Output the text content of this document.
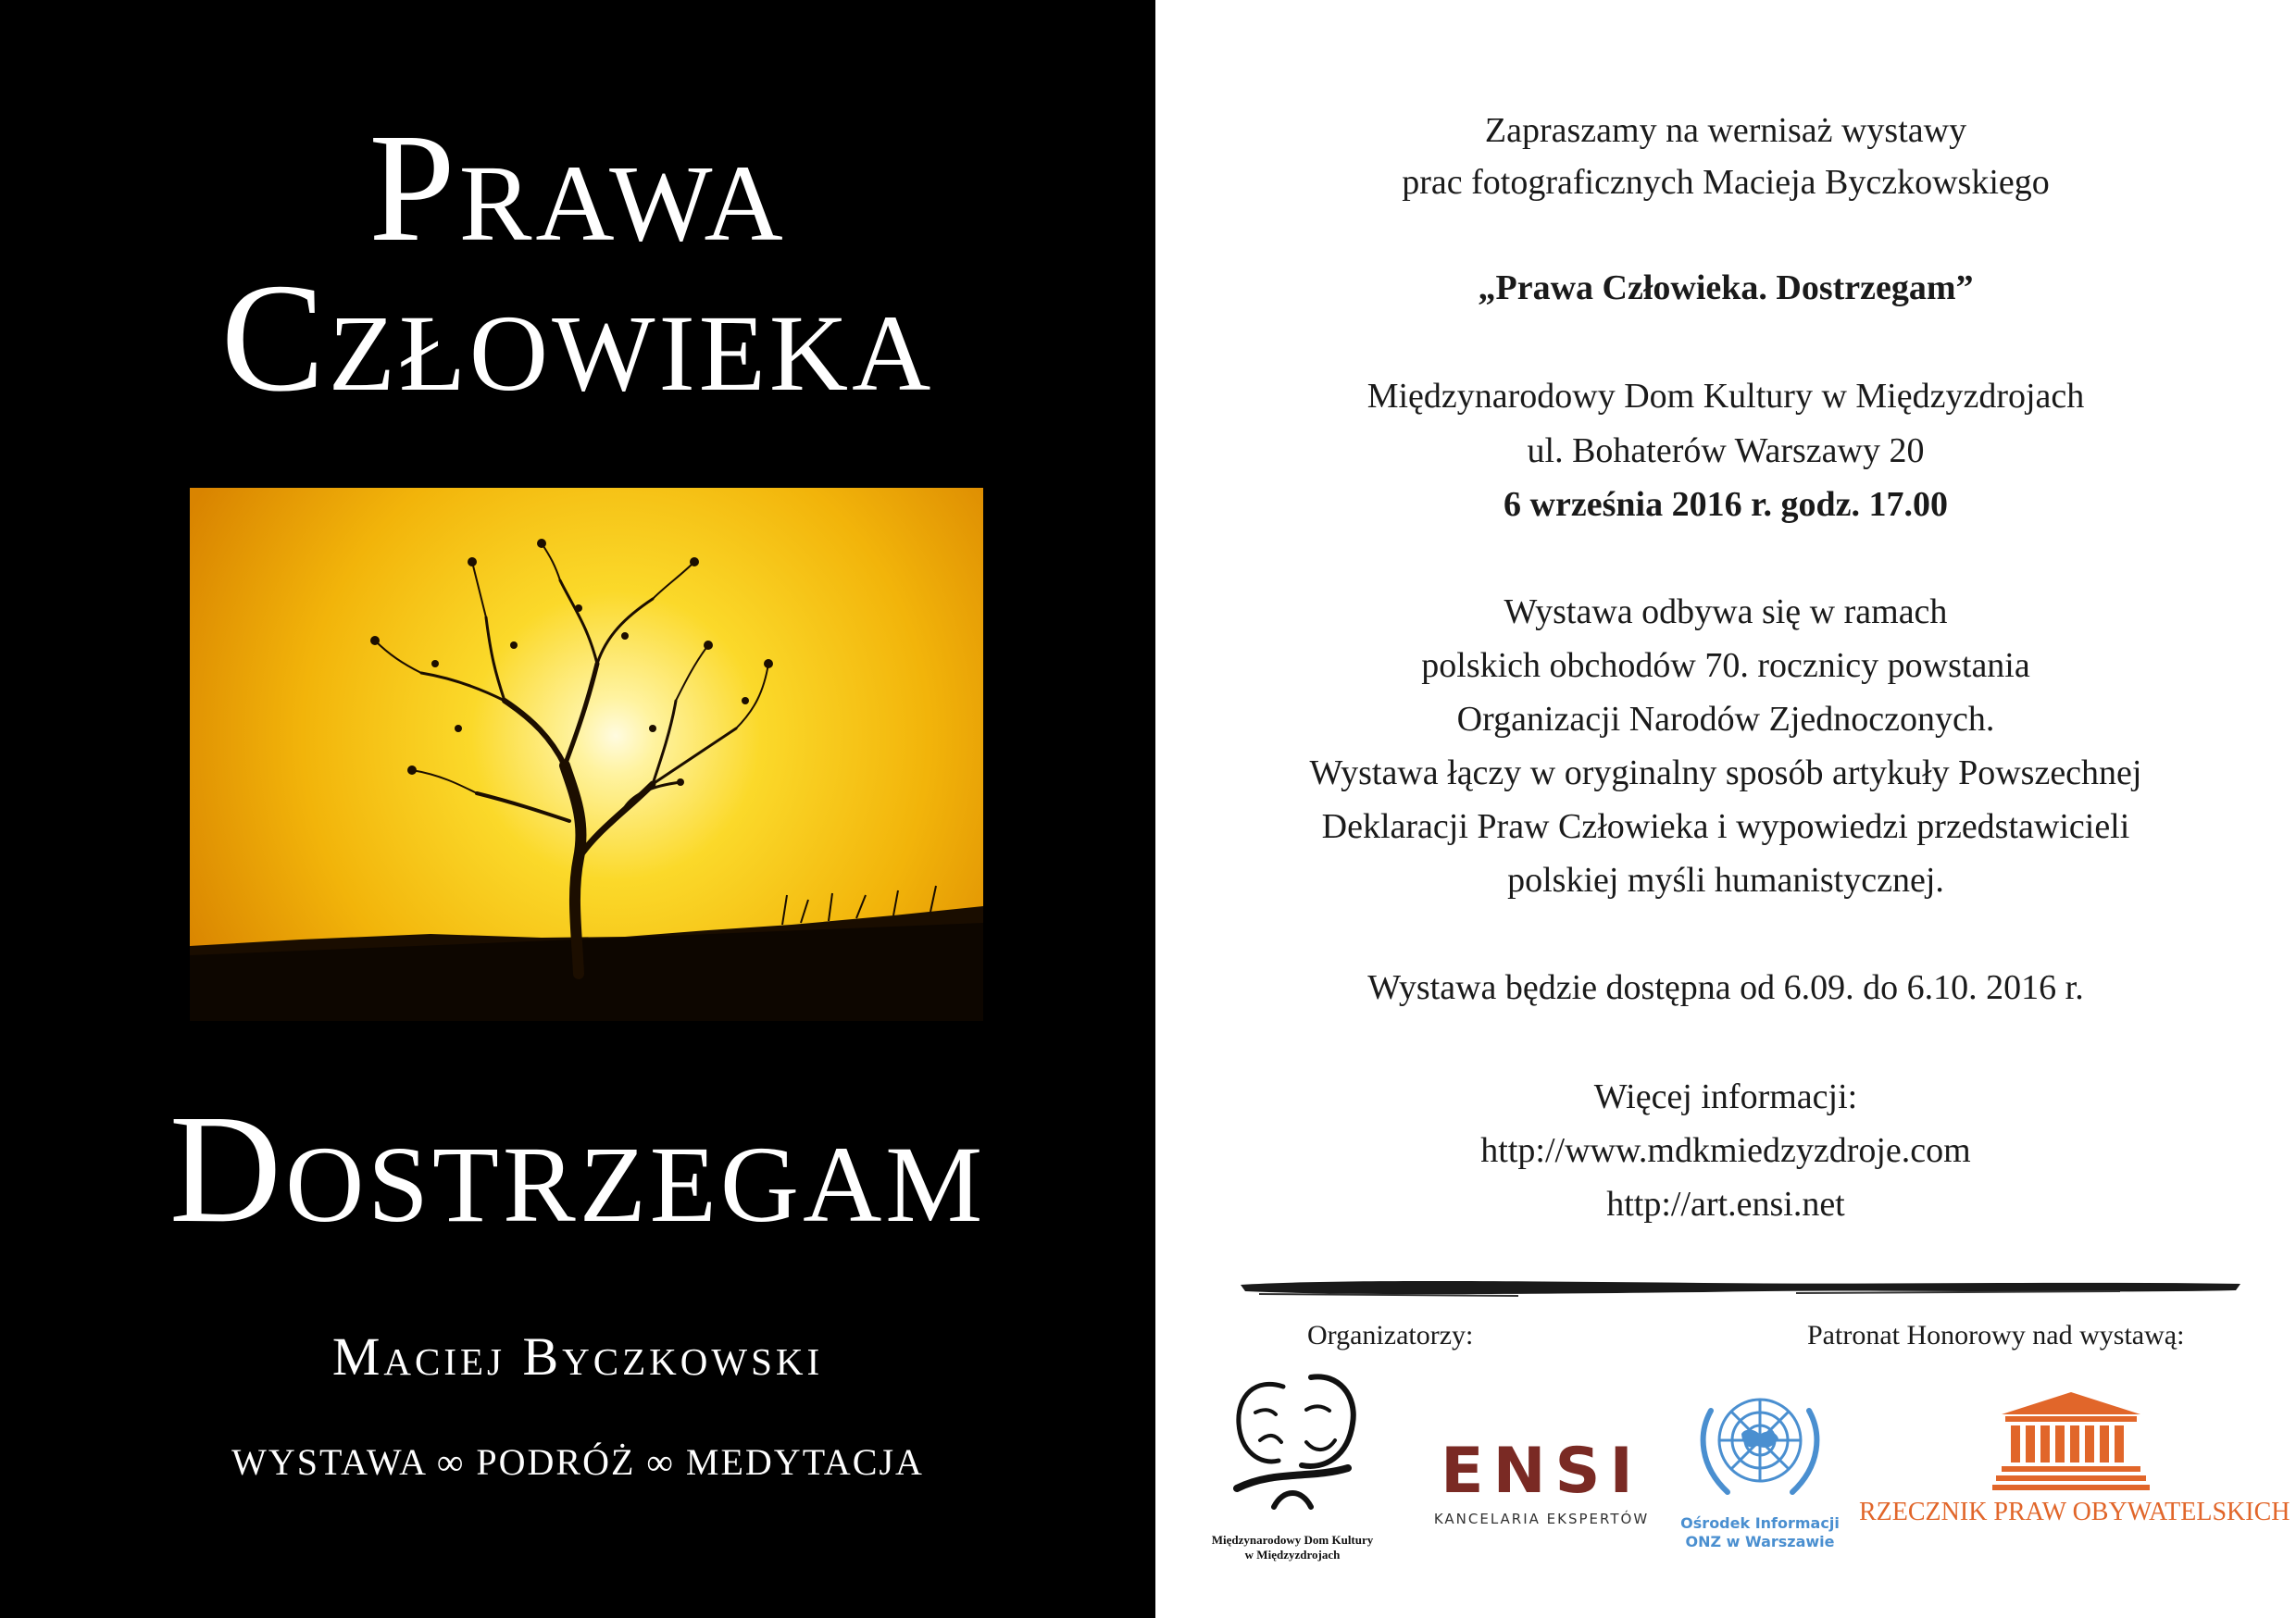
Prawa
Człowieka
Dostrzegam
Maciej Byczkowski
WYSTAWA ∞ PODRÓŻ ∞ MEDYTACJA
Zapraszamy na wernisaż wystawy
prac fotograficznych Macieja Byczkowskiego
„Prawa Człowieka. Dostrzegam”
Międzynarodowy Dom Kultury w Międzyzdrojach
ul. Bohaterów Warszawy 20
6 września 2016 r. godz. 17.00
Wystawa odbywa się w ramach
polskich obchodów 70. rocznicy powstania
Organizacji Narodów Zjednoczonych.
Wystawa łączy w oryginalny sposób artykuły Powszechnej
Deklaracji Praw Człowieka i wypowiedzi przedstawicieli
polskiej myśli humanistycznej.
Wystawa będzie dostępna od 6.09. do 6.10. 2016 r.
Więcej informacji:
http://www.mdkmiedzyzdroje.com
http://art.ensi.net
Organizatorzy:	Patronat Honorowy nad wystawą:
Międzynarodowy Dom Kultury
w Międzyzdrojach
ENSI
KANCELARIA EKSPERTÓW	Ośrodek Informacji
ONZ w Warszawie
RZECZNIK PRAW OBYWATELSKICH
